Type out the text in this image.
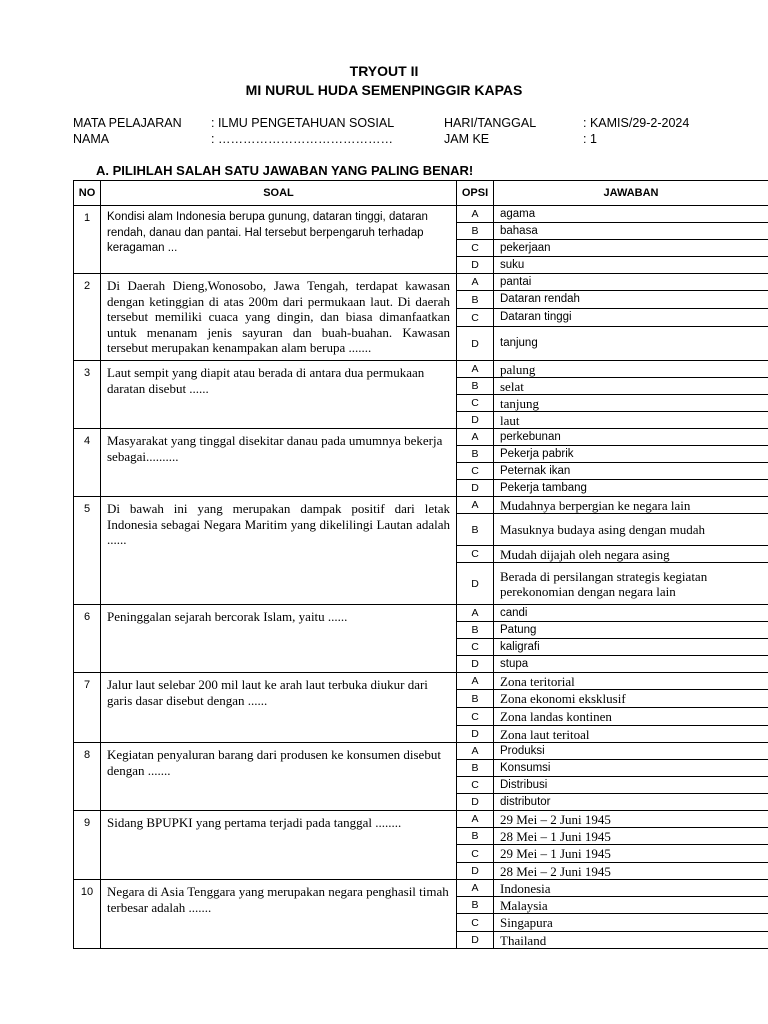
TRYOUT II
MI NURUL HUDA SEMENPINGGIR KAPAS
MATA PELAJARAN : ILMU PENGETAHUAN SOSIAL	HARI/TANGGAL	: KAMIS/29-2-2024
NAMA	: ……………………………………	JAM KE	: 1
A. PILIHLAH SALAH SATU JAWABAN YANG PALING BENAR!
NO	SOAL	OPSI	JAWABAN
1	Kondisi alam Indonesia berupa gunung, dataran tinggi, dataran rendah, danau dan pantai. Hal tersebut berpengaruh terhadap keragaman ...	A	agama
		B	bahasa
		C	pekerjaan
		D	suku
2	Di Daerah Dieng,Wonosobo, Jawa Tengah, terdapat kawasan dengan ketinggian di atas 200m dari permukaan laut. Di daerah tersebut memiliki cuaca yang dingin, dan biasa dimanfaatkan untuk menanam jenis sayuran dan buah-buahan. Kawasan tersebut merupakan kenampakan alam berupa .......	A	pantai
		B	Dataran rendah
		C	Dataran tinggi
		D	tanjung
3	Laut sempit yang diapit atau berada di antara dua permukaan daratan disebut ......	A	palung
		B	selat
		C	tanjung
		D	laut
4	Masyarakat yang tinggal disekitar danau pada umumnya bekerja sebagai..........	A	perkebunan
		B	Pekerja pabrik
		C	Peternak ikan
		D	Pekerja tambang
5	Di bawah ini yang merupakan dampak positif dari letak Indonesia sebagai Negara Maritim yang dikelilingi Lautan adalah ......	A	Mudahnya berpergian ke negara lain
		B	Masuknya budaya asing dengan mudah
		C	Mudah dijajah oleh negara asing
		D	Berada di persilangan strategis kegiatan perekonomian dengan negara lain
6	Peninggalan sejarah bercorak Islam, yaitu ......	A	candi
		B	Patung
		C	kaligrafi
		D	stupa
7	Jalur laut selebar 200 mil laut ke arah laut terbuka diukur dari garis dasar disebut dengan ......	A	Zona teritorial
		B	Zona ekonomi eksklusif
		C	Zona landas kontinen
		D	Zona laut teritoal
8	Kegiatan penyaluran barang dari produsen ke konsumen disebut dengan .......	A	Produksi
		B	Konsumsi
		C	Distribusi
		D	distributor
9	Sidang BPUPKI yang pertama terjadi pada tanggal ........	A	29 Mei – 2 Juni 1945
		B	28 Mei – 1 Juni 1945
		C	29 Mei – 1 Juni 1945
		D	28 Mei – 2 Juni 1945
10	Negara di Asia Tenggara yang merupakan negara penghasil timah terbesar adalah .......	A	Indonesia
		B	Malaysia
		C	Singapura
		D	Thailand
